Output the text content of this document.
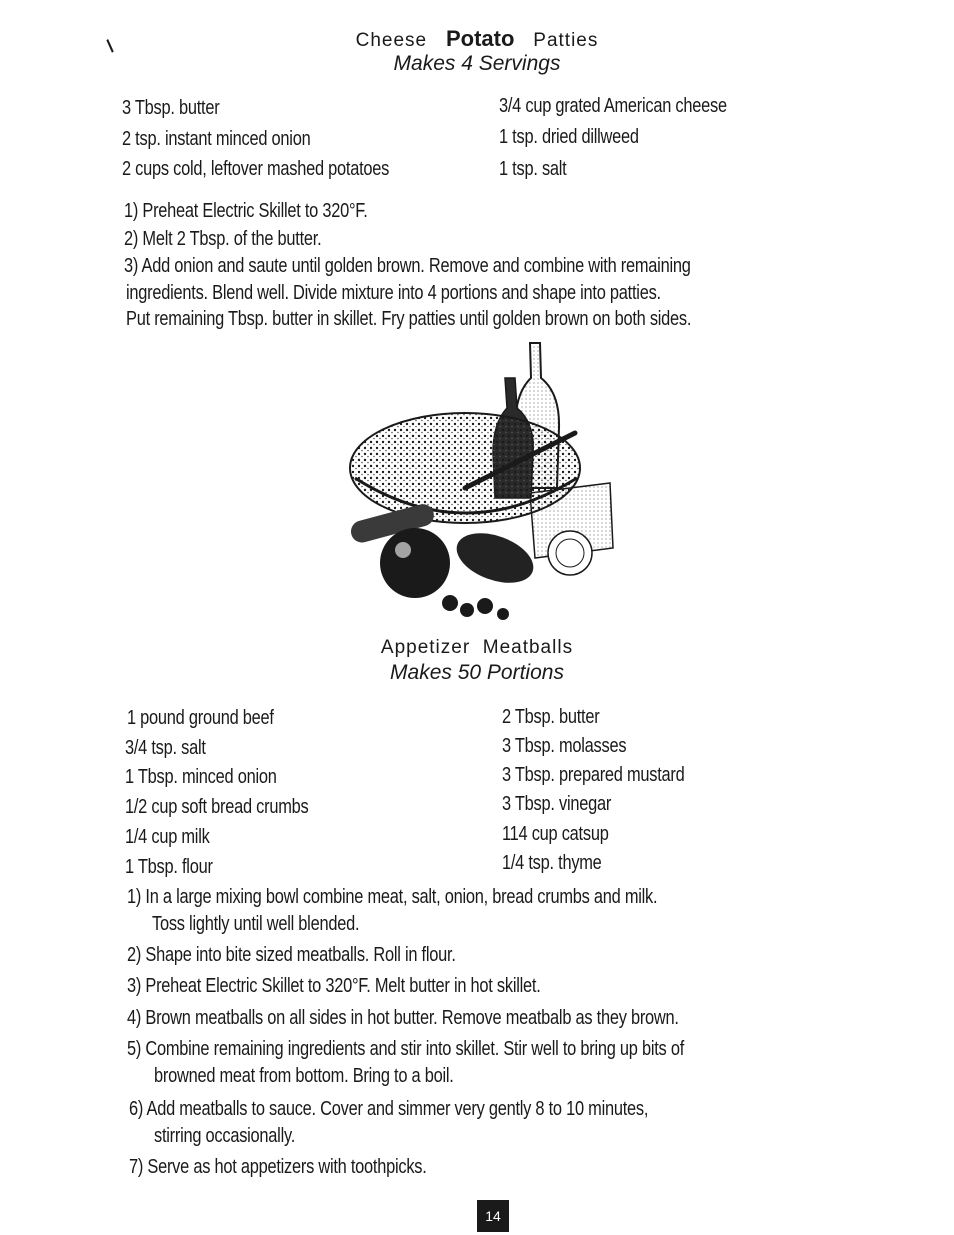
/	Cheese Potato Patties
Makes 4 Servings
3 Tbsp. butter
2 tsp. instant minced onion
2 cups cold, leftover mashed potatoes
3/4 cup grated American cheese
1 tsp. dried dillweed
1 tsp. salt
1) Preheat Electric Skillet to 320°F.
2) Melt 2 Tbsp. of the butter.
3) Add onion and saute until golden brown. Remove and combine with remaining
ingredients. Blend well. Divide mixture into 4 portions and shape into patties.
Put remaining Tbsp. butter in skillet. Fry patties until golden brown on both sides.
Appetizer Meatballs
Makes 50 Portions
1 pound ground beef
3/4 tsp. salt
1 Tbsp. minced onion
1/2 cup soft bread crumbs
1/4 cup milk
1 Tbsp. flour
2 Tbsp. butter
3 Tbsp. molasses
3 Tbsp. prepared mustard
3 Tbsp. vinegar
114 cup catsup
1/4 tsp. thyme
1) In a large mixing bowl combine meat, salt, onion, bread crumbs and milk.
Toss lightly until well blended.
2) Shape into bite sized meatballs. Roll in flour.
3) Preheat Electric Skillet to 320°F. Melt butter in hot skillet.
4) Brown meatballs on all sides in hot butter. Remove meatbalb as they brown.
5) Combine remaining ingredients and stir into skillet. Stir well to bring up bits of
browned meat from bottom. Bring to a boil.
6) Add meatballs to sauce. Cover and simmer very gently 8 to 10 minutes,
stirring occasionally.
7) Serve as hot appetizers with toothpicks.
14
